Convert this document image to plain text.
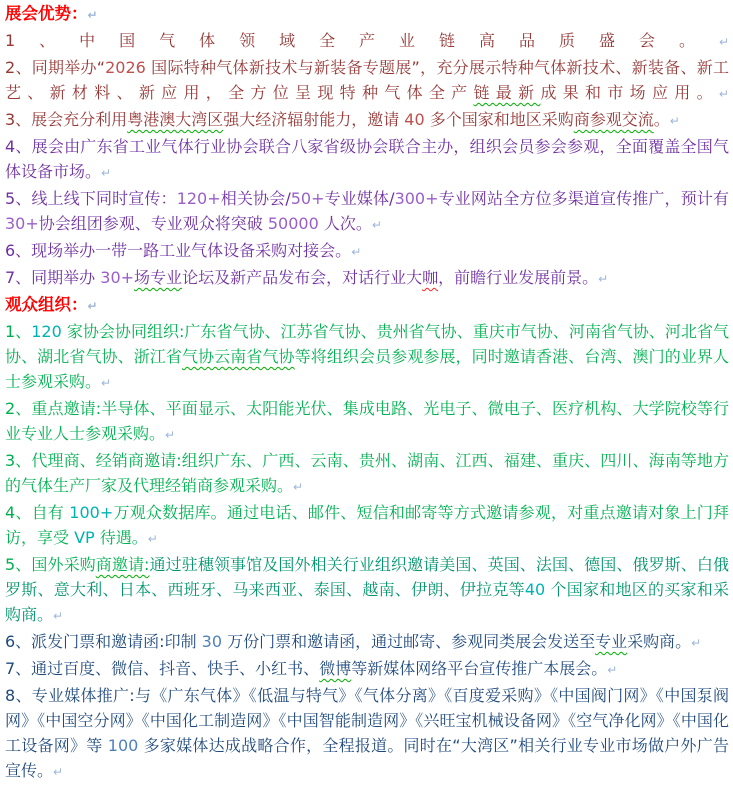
展会优势：↵

1、中国气体领域全产业链高品质盛会。↵

2、同期举办“2026 国际特种气体新技术与新装备专题展”，充分展示特种气体新技术、新装备、新工艺、新材料、新应用，全方位呈现特种气体全产链最新成果和市场应用。↵

3、展会充分利用粤港澳大湾区强大经济辐射能力，邀请 40 多个国家和地区采购商参观交流。↵

4、展会由广东省工业气体行业协会联合八家省级协会联合主办，组织会员参会参观，全面覆盖全国气体设备市场。↵

5、线上线下同时宣传：120+相关协会/50+专业媒体/300+专业网站全方位多渠道宣传推广，预计有30+协会组团参观、专业观众将突破 50000 人次。↵

6、现场举办一带一路工业气体设备采购对接会。↵

7、同期举办 30+场专业论坛及新产品发布会，对话行业大咖，前瞻行业发展前景。↵

观众组织：↵

1、120 家协会协同组织:广东省气协、江苏省气协、贵州省气协、重庆市气协、河南省气协、河北省气协、湖北省气协、浙江省气协云南省气协等将组织会员参观参展，同时邀请香港、台湾、澳门的业界人士参观采购。↵

2、重点邀请:半导体、平面显示、太阳能光伏、集成电路、光电子、微电子、医疗机构、大学院校等行业专业人士参观采购。↵

3、代理商、经销商邀请:组织广东、广西、云南、贵州、湖南、江西、福建、重庆、四川、海南等地方的气体生产厂家及代理经销商参观采购。↵

4、自有 100+万观众数据库。通过电话、邮件、短信和邮寄等方式邀请参观，对重点邀请对象上门拜访，享受 VP 待遇。↵

5、国外采购商邀请:通过驻穗领事馆及国外相关行业组织邀请美国、英国、法国、德国、俄罗斯、白俄罗斯、意大利、日本、西班牙、马来西亚、泰国、越南、伊朗、伊拉克等40 个国家和地区的买家和采购商。↵

6、派发门票和邀请函:印制 30 万份门票和邀请函，通过邮寄、参观同类展会发送至专业采购商。↵

7、通过百度、微信、抖音、快手、小红书、微博等新媒体网络平台宣传推广本展会。↵

8、专业媒体推广:与《广东气体》《低温与特气》《气体分离》《百度爱采购》《中国阀门网》《中国泵阀网》《中国空分网》《中国化工制造网》《中国智能制造网》《兴旺宝机械设备网》《空气净化网》《中国化工设备网》等 100 多家媒体达成战略合作，全程报道。同时在“大湾区”相关行业专业市场做户外广告宣传。↵
